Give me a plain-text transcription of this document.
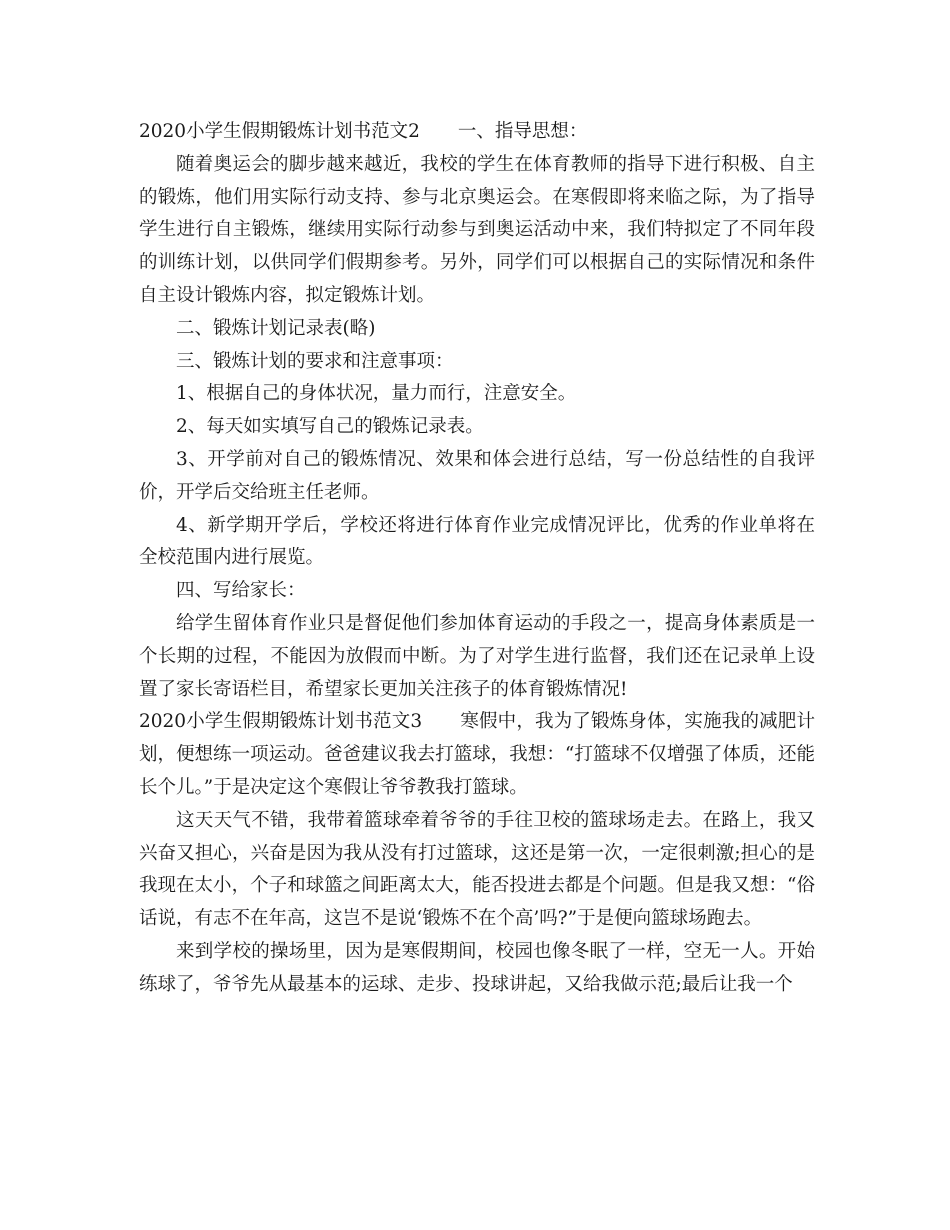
2020小学生假期锻炼计划书范文2 一、指导思想：

随着奥运会的脚步越来越近，我校的学生在体育教师的指导下进行积极、自主的锻炼，他们用实际行动支持、参与北京奥运会。在寒假即将来临之际，为了指导学生进行自主锻炼，继续用实际行动参与到奥运活动中来，我们特拟定了不同年段的训练计划，以供同学们假期参考。另外，同学们可以根据自己的实际情况和条件自主设计锻炼内容，拟定锻炼计划。

二、锻炼计划记录表(略)

三、锻炼计划的要求和注意事项：

1、根据自己的身体状况，量力而行，注意安全。

2、每天如实填写自己的锻炼记录表。

3、开学前对自己的锻炼情况、效果和体会进行总结，写一份总结性的自我评价，开学后交给班主任老师。

4、新学期开学后，学校还将进行体育作业完成情况评比，优秀的作业单将在全校范围内进行展览。

四、写给家长：

给学生留体育作业只是督促他们参加体育运动的手段之一，提高身体素质是一个长期的过程，不能因为放假而中断。为了对学生进行监督，我们还在记录单上设置了家长寄语栏目，希望家长更加关注孩子的体育锻炼情况!

2020小学生假期锻炼计划书范文3 寒假中，我为了锻炼身体，实施我的减肥计划，便想练一项运动。爸爸建议我去打篮球，我想：“打篮球不仅增强了体质，还能长个儿。”于是决定这个寒假让爷爷教我打篮球。

这天天气不错，我带着篮球牵着爷爷的手往卫校的篮球场走去。在路上，我又兴奋又担心，兴奋是因为我从没有打过篮球，这还是第一次，一定很刺激;担心的是我现在太小，个子和球篮之间距离太大，能否投进去都是个问题。但是我又想：“俗话说，有志不在年高，这岂不是说‘锻炼不在个高’吗?”于是便向篮球场跑去。

来到学校的操场里，因为是寒假期间，校园也像冬眠了一样，空无一人。开始练球了，爷爷先从最基本的运球、走步、投球讲起，又给我做示范;最后让我一个
